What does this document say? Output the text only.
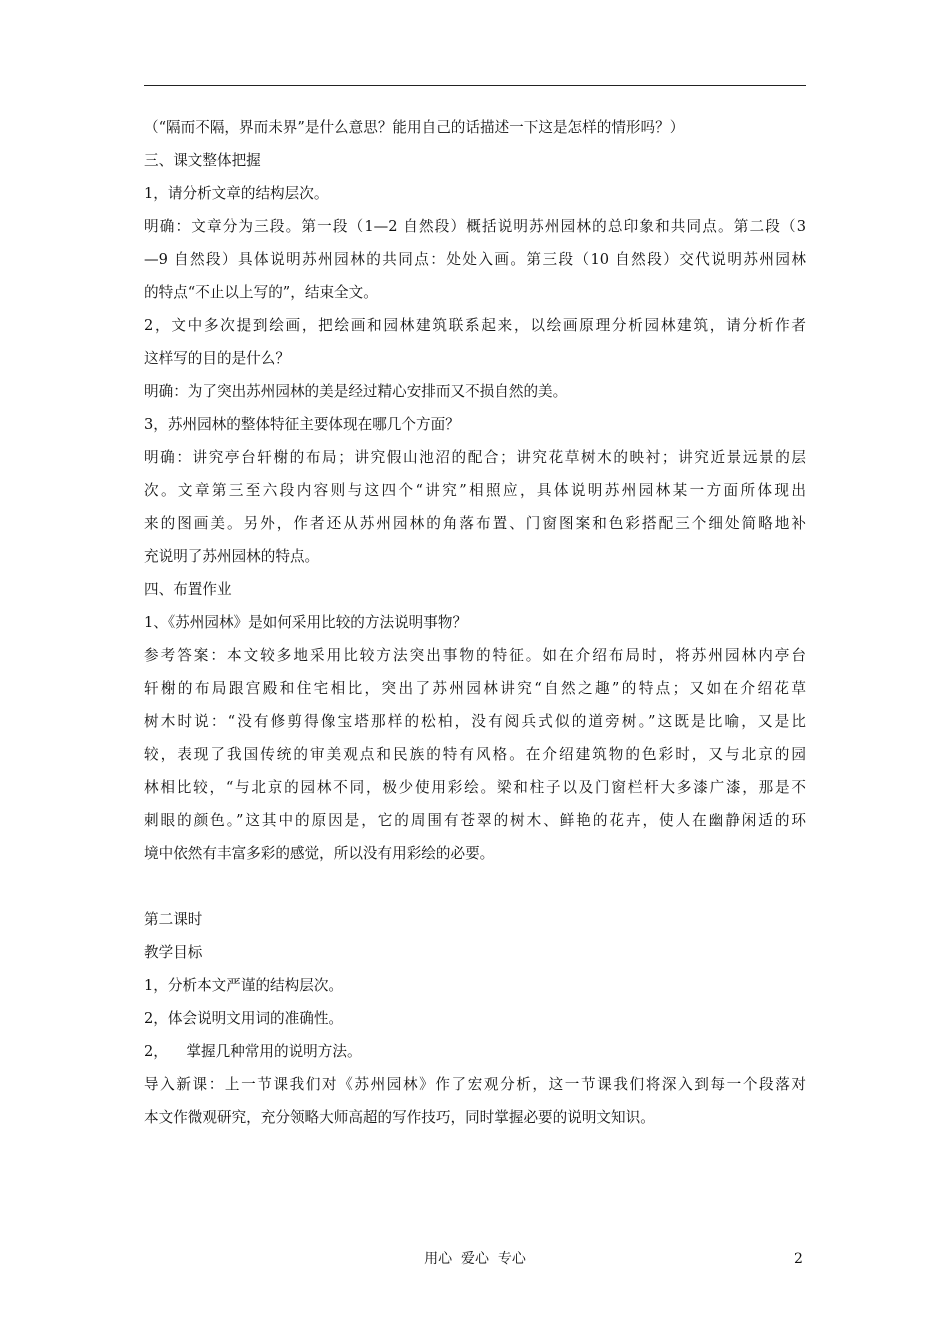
（“隔而不隔，界而未界”是什么意思？能用自己的话描述一下这是怎样的情形吗？）
三、课文整体把握
1，请分析文章的结构层次。
明确：文章分为三段。第一段（1—2 自然段）概括说明苏州园林的总印象和共同点。第二段（3
—9 自然段）具体说明苏州园林的共同点：处处入画。第三段（10 自然段）交代说明苏州园林
的特点“不止以上写的”，结束全文。
2，文中多次提到绘画，把绘画和园林建筑联系起来，以绘画原理分析园林建筑，请分析作者
这样写的目的是什么？
明确：为了突出苏州园林的美是经过精心安排而又不损自然的美。
3，苏州园林的整体特征主要体现在哪几个方面？
明确：讲究亭台轩榭的布局；讲究假山池沼的配合；讲究花草树木的映衬；讲究近景远景的层
次。文章第三至六段内容则与这四个“讲究”相照应，具体说明苏州园林某一方面所体现出
来的图画美。另外，作者还从苏州园林的角落布置、门窗图案和色彩搭配三个细处简略地补
充说明了苏州园林的特点。
四、布置作业
1、《苏州园林》是如何采用比较的方法说明事物？
参考答案：本文较多地采用比较方法突出事物的特征。如在介绍布局时，将苏州园林内亭台
轩榭的布局跟宫殿和住宅相比，突出了苏州园林讲究“自然之趣”的特点；又如在介绍花草
树木时说：“没有修剪得像宝塔那样的松柏，没有阅兵式似的道旁树。”这既是比喻，又是比
较，表现了我国传统的审美观点和民族的特有风格。在介绍建筑物的色彩时，又与北京的园
林相比较，“与北京的园林不同，极少使用彩绘。梁和柱子以及门窗栏杆大多漆广漆，那是不
刺眼的颜色。”这其中的原因是，它的周围有苍翠的树木、鲜艳的花卉，使人在幽静闲适的环
境中依然有丰富多彩的感觉，所以没有用彩绘的必要。
第二课时
教学目标
1，分析本文严谨的结构层次。
2，体会说明文用词的准确性。
2，    掌握几种常用的说明方法。
导入新课：上一节课我们对《苏州园林》作了宏观分析，这一节课我们将深入到每一个段落对
本文作微观研究，充分领略大师高超的写作技巧，同时掌握必要的说明文知识。
用心  爱心  专心	2
